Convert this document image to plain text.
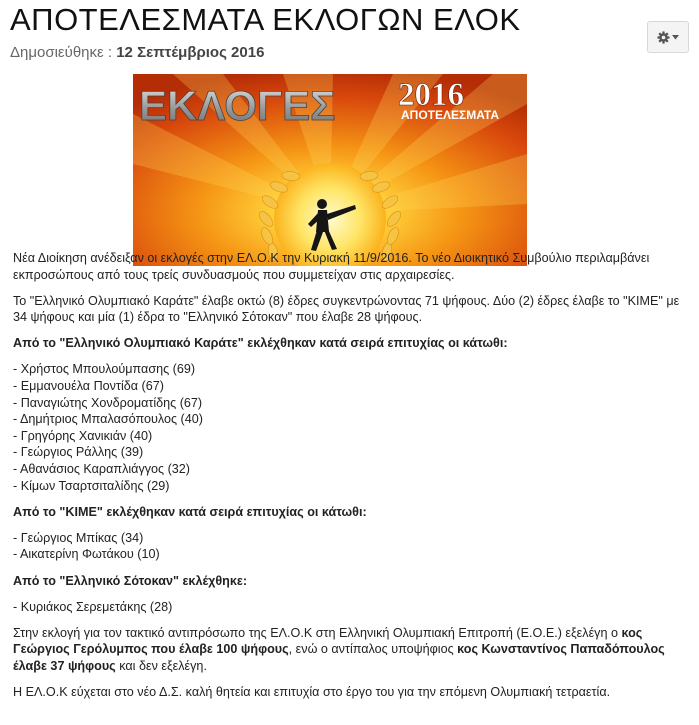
ΑΠΟΤΕΛΕΣΜΑΤΑ ΕΚΛΟΓΩΝ ΕΛΟΚ
Δημοσιεύθηκε : 12 Σεπτέμβριος 2016
ΕΚΛΟΓΕΣ 2016
ΑΠΟΤΕΛΕΣΜΑΤΑ

Νέα Διοίκηση ανέδειξαν οι εκλογές στην ΕΛ.Ο.Κ την Κυριακή 11/9/2016. Το νέο Διοικητικό Συμβούλιο περιλαμβάνει εκπροσώπους από τους τρείς συνδυασμούς που συμμετείχαν στις αρχαιρεσίες.

Το "Ελληνικό Ολυμπιακό Καράτε" έλαβε οκτώ (8) έδρες συγκεντρώνοντας 71 ψήφους. Δύο (2) έδρες έλαβε το "ΚΙΜΕ" με 34 ψήφους και μία (1) έδρα το "Ελληνικό Σότοκαν" που έλαβε 28 ψήφους.

Από το "Ελληνικό Ολυμπιακό Καράτε" εκλέχθηκαν κατά σειρά επιτυχίας οι κάτωθι:

- Χρήστος Μπουλούμπασης (69)
- Εμμανουέλα Ποντίδα (67)
- Παναγιώτης Χονδροματίδης (67)
- Δημήτριος Μπαλασόπουλος (40)
- Γρηγόρης Χανικιάν (40)
- Γεώργιος Ράλλης (39)
- Αθανάσιος Καραπλιάγγος (32)
- Κίμων Τσαρτσιταλίδης (29)

Από το "ΚΙΜΕ" εκλέχθηκαν κατά σειρά επιτυχίας οι κάτωθι:

- Γεώργιος Μπίκας (34)
- Αικατερίνη Φωτάκου (10)

Από το "Ελληνικό Σότοκαν" εκλέχθηκε:

- Κυριάκος Σερεμετάκης (28)

Στην εκλογή για τον τακτικό αντιπρόσωπο της ΕΛ.Ο.Κ στη Ελληνική Ολυμπιακή Επιτροπή (Ε.Ο.Ε.) εξελέγη ο κος Γεώργιος Γερόλυμπος που έλαβε 100 ψήφους, ενώ ο αντίπαλος υποψήφιος κος Κωνσταντίνος Παπαδόπουλος έλαβε 37 ψήφους και δεν εξελέγη.

Η ΕΛ.Ο.Κ εύχεται στο νέο Δ.Σ. καλή θητεία και επιτυχία στο έργο του για την επόμενη Ολυμπιακή τετραετία.
